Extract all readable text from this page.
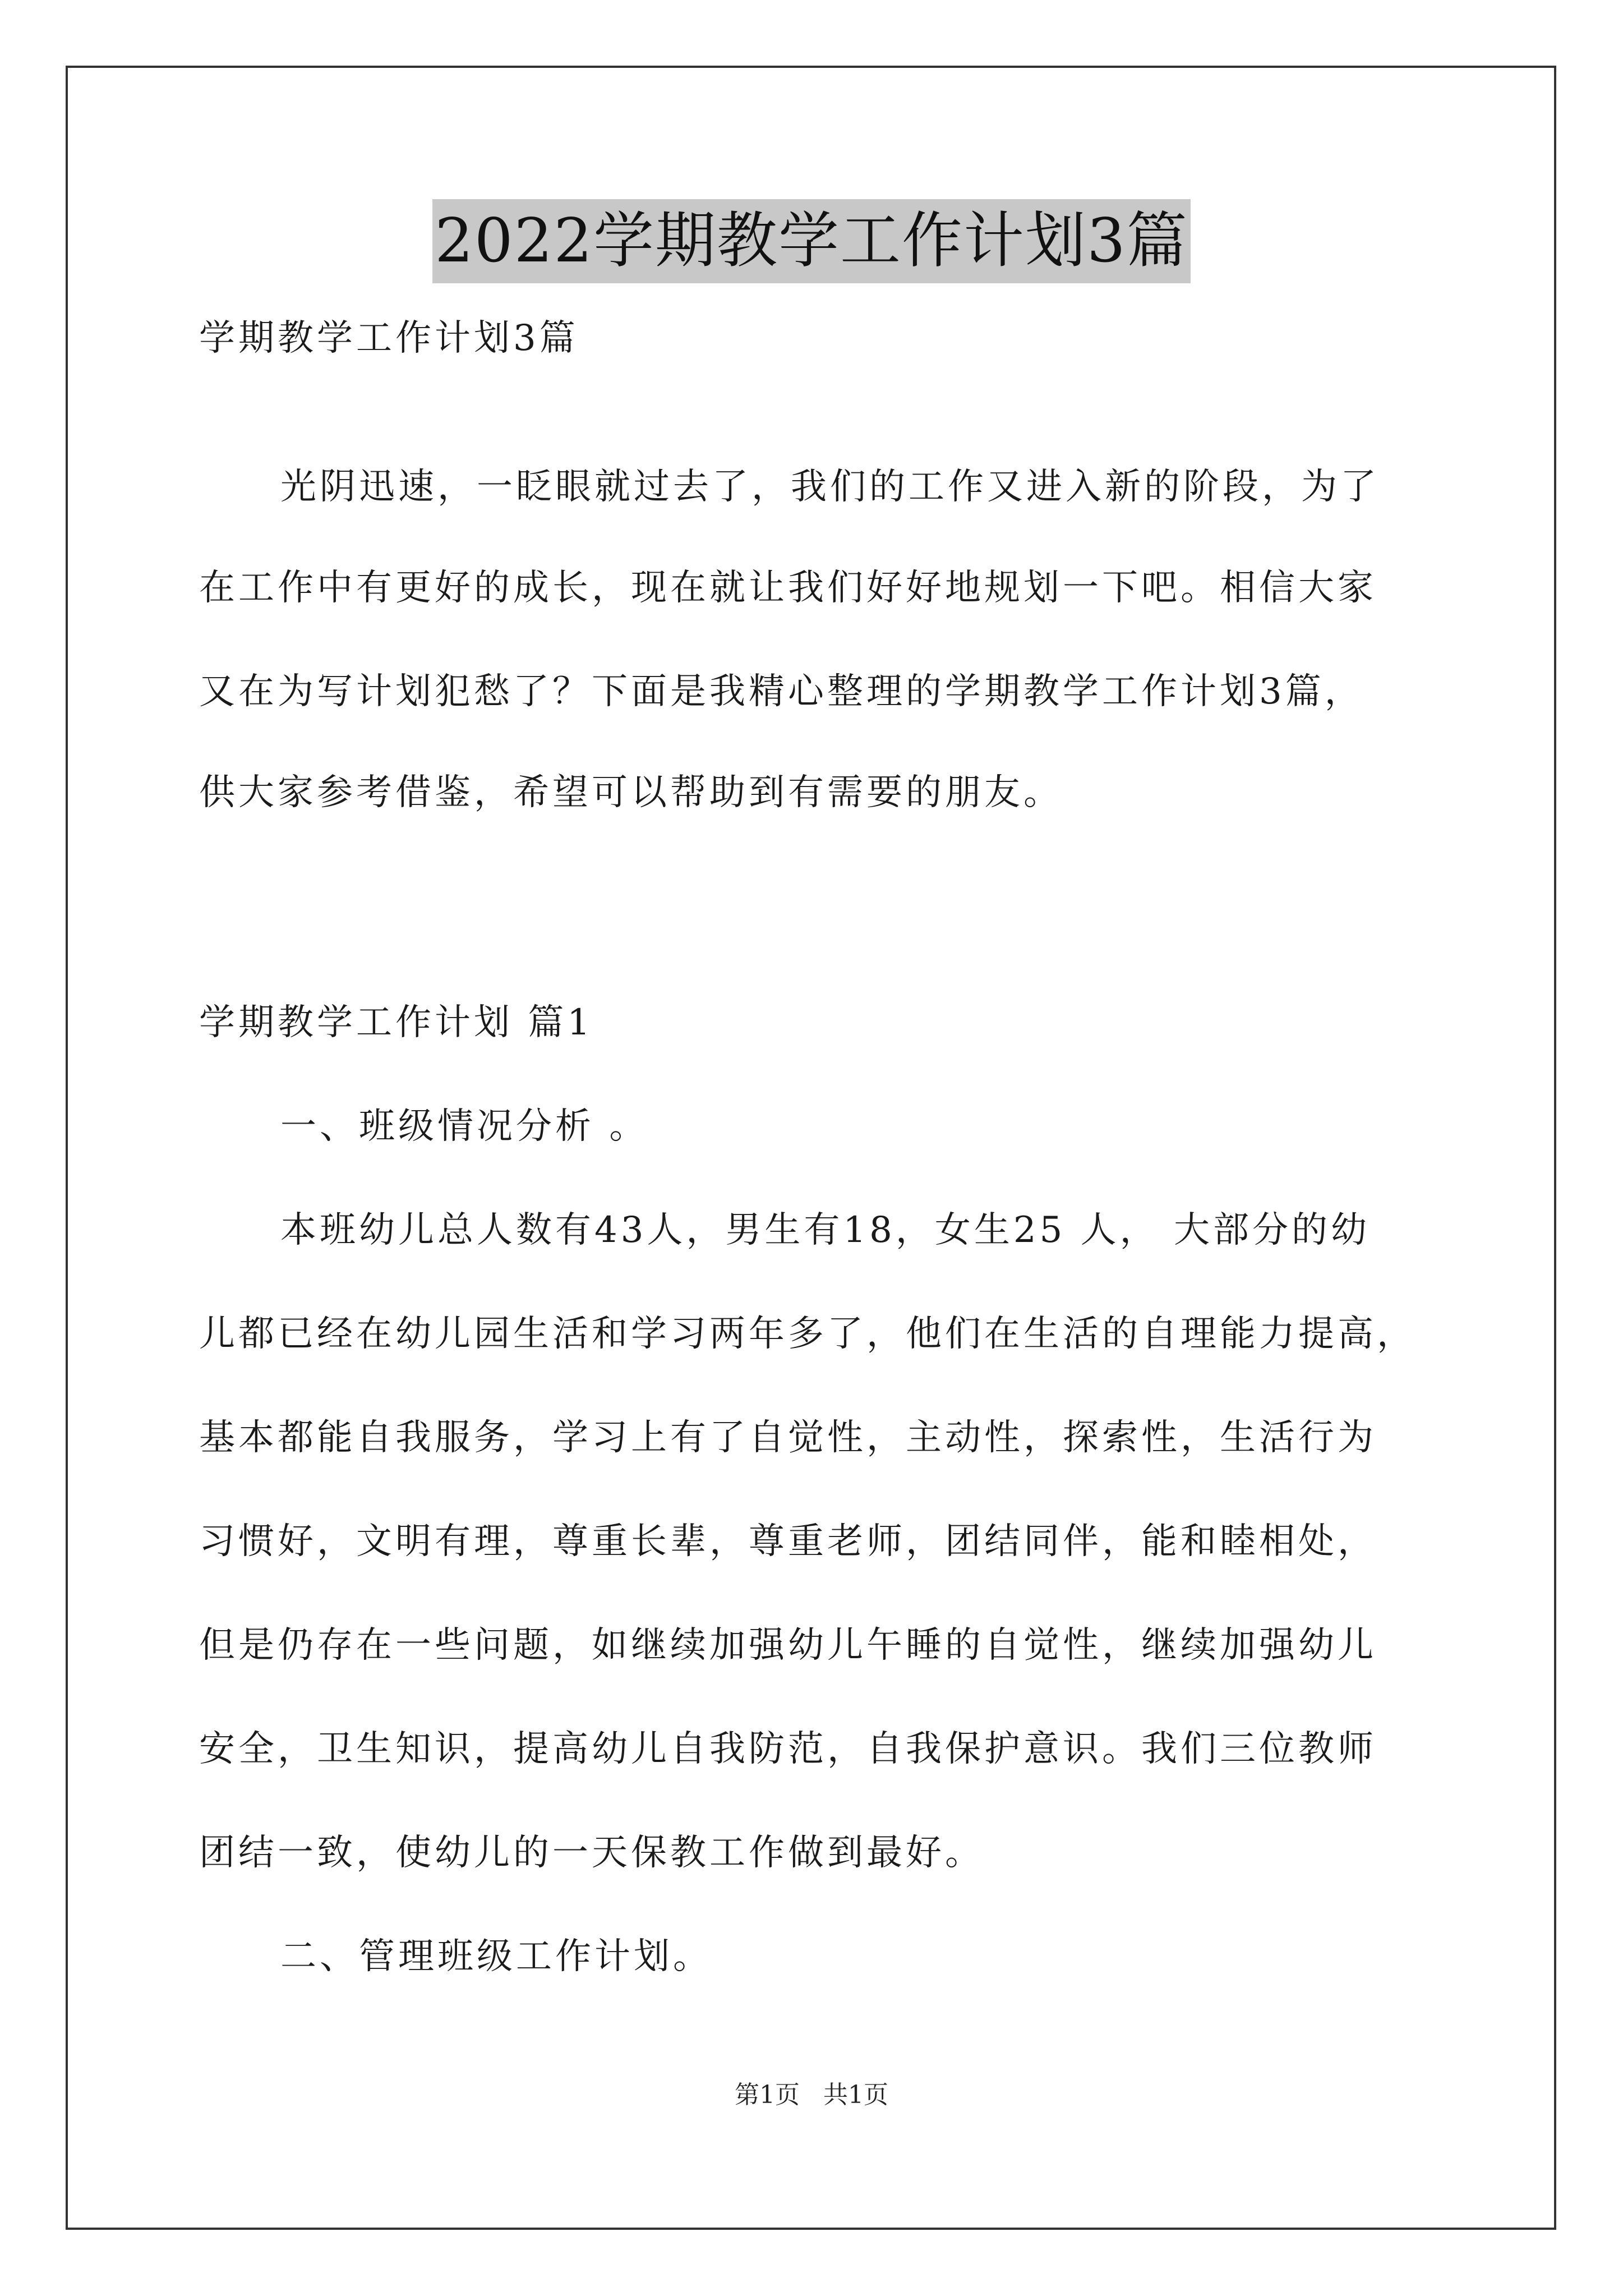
2022学期教学工作计划3篇
学期教学工作计划3篇
光阴迅速，一眨眼就过去了，我们的工作又进入新的阶段，为了
在工作中有更好的成长，现在就让我们好好地规划一下吧。相信大家
又在为写计划犯愁了？下面是我精心整理的学期教学工作计划3篇，
供大家参考借鉴，希望可以帮助到有需要的朋友。
学期教学工作计划 篇1
一、班级情况分析 。
本班幼儿总人数有43人，男生有18，女生25 人， 大部分的幼
儿都已经在幼儿园生活和学习两年多了，他们在生活的自理能力提高，
基本都能自我服务，学习上有了自觉性，主动性，探索性，生活行为
习惯好，文明有理，尊重长辈，尊重老师，团结同伴，能和睦相处，
但是仍存在一些问题，如继续加强幼儿午睡的自觉性，继续加强幼儿
安全，卫生知识，提高幼儿自我防范，自我保护意识。我们三位教师
团结一致，使幼儿的一天保教工作做到最好。
二、管理班级工作计划。
第1页   共1页
